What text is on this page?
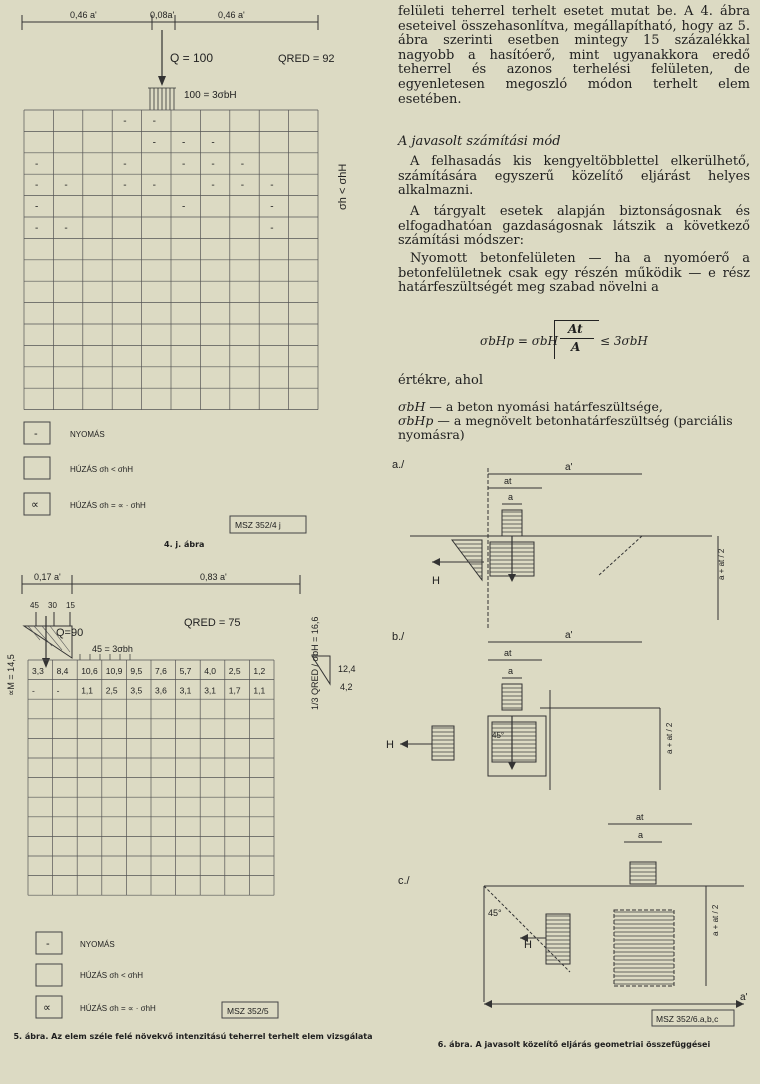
0,46 a'	0,08a'	0,46 a'
Q = 100	QRED = 92
100 = 3σbH
-	-
-	-	-
-	-	-	-	-
-	-	-	-	-	-	-
-	-	-
-	-	-
σh < σhH
-	NYOMÁS
HÚZÁS σh < σhH
∝	HÚZÁS σh = ∝ · σhH
MSZ 352/4 j
4. j. ábra
0,17 a'	0,83 a'
45 30 15
Q=90
QRED = 75
45 = 3σbh
3,3 8,4 10,6 10,9 9,5 7,6 5,7 4,0 2,5 1,2
-	-	1,1 2,5 3,5 3,6 3,1 3,1 1,7 1,1
∝M = 14,5	1/3 QRED / σbH = 16,6 12,4
4,2
-	NYOMÁS
HÚZÁS σh < σhH
∝	HÚZÁS σh = ∝ · σhH	MSZ 352/5
5. ábra. Az elem széle felé növekvő intenzitású teherrel terhelt elem vizsgálata
felületi teherrel terhelt esetet mutat be. A 4. ábra eseteivel összehasonlítva, megállapítható, hogy az 5. ábra szerinti esetben mintegy 15 százalékkal nagyobb a hasítóerő, mint ugyanakkora eredő teherrel és azonos terhelési felületen, de egyenletesen megoszló módon terhelt elem esetében.
A javasolt számítási mód
A felhasadás kis kengyeltöbblettel elkerülhető, számítására egyszerű közelítő eljárást helyes alkalmazni.
A tárgyalt esetek alapján biztonságosnak és elfogadhatóan gazdaságosnak látszik a következő számítási módszer:
Nyomott betonfelületen — ha a nyomóerő a betonfelületnek csak egy részén működik — e rész határfeszültségét meg szabad növelni a
σbHp = σbH
At
A ≤ 3σbH
értékre, ahol
σbH — a beton nyomási határfeszültsége,
σbHp — a megnövelt betonhatárfeszültség (parciális nyomásra)
a./	a'
at
a
H
a + at / 2
b./	a'
at
a
H
45°	a + at / 2
at
a
c./
45°
H
a + at / 2
a'
MSZ 352/6.a,b,c
6. ábra. A javasolt közelítő eljárás geometriai összefüggései
